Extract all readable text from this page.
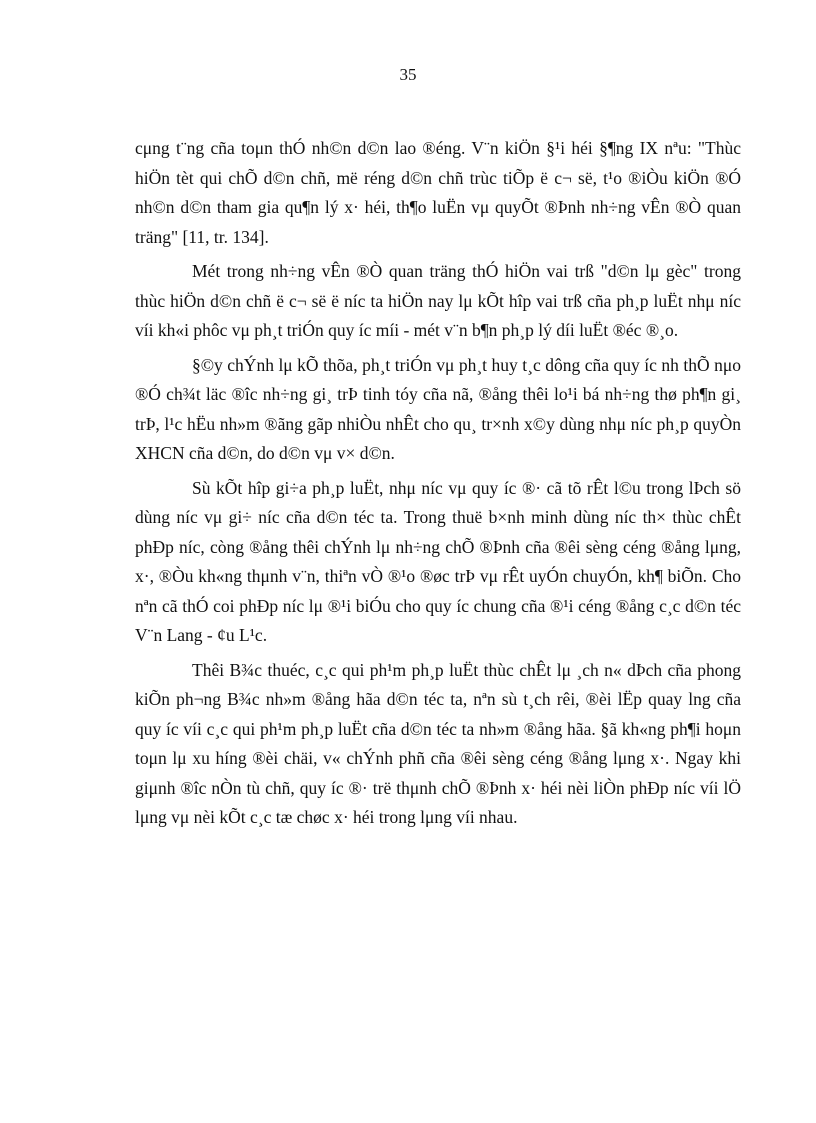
35

cμng t¨ng cña toμn thÓ nh©n d©n lao ®éng. V¨n kiÖn §¹i héi §¶ng IX nªu: "Thùc hiÖn tèt qui chÕ d©n chñ, më réng d©n chñ trùc tiÕp ë c¬ së, t¹o ®iÒu kiÖn ®Ó nh©n d©n tham gia qu¶n lý x· héi, th¶o luËn vμ quyÕt ®Þnh nh÷ng vÊn ®Ò quan träng" [11, tr. 134].

Mét trong nh÷ng vÊn ®Ò quan träng thÓ hiÖn vai trß "d©n lμ gèc" trong thùc hiÖn d©n chñ ë c¬ së ë níc ta hiÖn nay lμ kÕt hîp vai trß cña ph¸p luËt nhμ níc víi kh«i phôc vμ ph¸t triÓn quy íc míi - mét v¨n b¶n ph¸p lý díi luËt ®éc ®¸o.

§©y chÝnh lμ kÕ thõa, ph¸t triÓn vμ ph¸t huy t¸c dông cña quy íc nh thÕ nμo ®Ó ch¾t läc ®îc nh÷ng gi¸ trÞ tinh tóy cña nã, ®ång thêi lo¹i bá nh÷ng thø ph¶n gi¸ trÞ, l¹c hËu nh»m ®ãng gãp nhiÒu nhÊt cho qu¸ tr×nh x©y dùng nhμ níc ph¸p quyÒn XHCN cña d©n, do d©n vμ v× d©n.

Sù kÕt hîp gi÷a ph¸p luËt, nhμ níc vμ quy íc ®· cã tõ rÊt l©u trong lÞch sö dùng níc vμ gi÷ níc cña d©n téc ta. Trong thuë b×nh minh dùng níc th× thùc chÊt phÐp níc, còng ®ång thêi chÝnh lμ nh÷ng chÕ ®Þnh cña ®êi sèng céng ®ång lμng, x·, ®Òu kh«ng thμnh v¨n, thiªn vÒ ®¹o ®øc trÞ vμ rÊt uyÓn chuyÓn, kh¶ biÕn. Cho nªn cã thÓ coi phÐp níc lμ ®¹i biÓu cho quy íc chung cña ®¹i céng ®ång c¸c d©n téc V¨n Lang - ¢u L¹c.

Thêi B¾c thuéc, c¸c qui ph¹m ph¸p luËt thùc chÊt lμ ¸ch n« dÞch cña phong kiÕn ph¬ng B¾c nh»m ®ång hãa d©n téc ta, nªn sù t¸ch rêi, ®èi lËp quay lng cña quy íc víi c¸c qui ph¹m ph¸p luËt cña d©n téc ta nh»m ®ång hãa. §ã kh«ng ph¶i hoμn toμn lμ xu híng ®èi chäi, v« chÝnh phñ cña ®êi sèng céng ®ång lμng x·. Ngay khi giμnh ®îc nÒn tù chñ, quy íc ®· trë thμnh chÕ ®Þnh x· héi nèi liÒn phÐp níc víi lÖ lμng vμ nèi kÕt c¸c tæ chøc x· héi trong lμng víi nhau.
